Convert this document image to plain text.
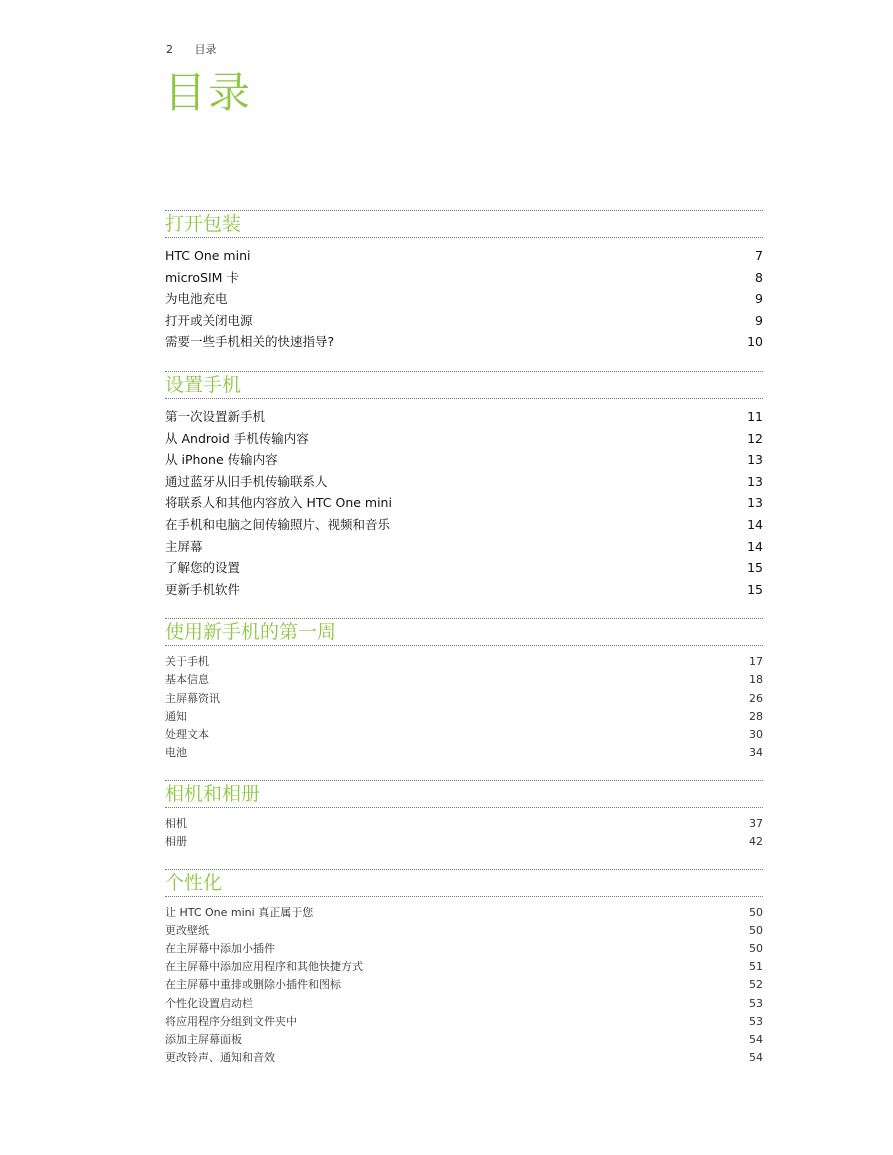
2 目录
目录
打开包装
HTC One mini	7
microSIM 卡	8
为电池充电	9
打开或关闭电源	9
需要一些手机相关的快速指导?	10
设置手机
第一次设置新手机	11
从 Android 手机传输内容	12
从 iPhone 传输内容	13
通过蓝牙从旧手机传输联系人	13
将联系人和其他内容放入 HTC One mini	13
在手机和电脑之间传输照片、视频和音乐	14
主屏幕	14
了解您的设置	15
更新手机软件	15
使用新手机的第一周
关于手机	17
基本信息	18
主屏幕资讯	26
通知	28
处理文本	30
电池	34
相机和相册
相机	37
相册	42
个性化
让 HTC One mini 真正属于您	50
更改壁纸	50
在主屏幕中添加小插件	50
在主屏幕中添加应用程序和其他快捷方式	51
在主屏幕中重排或删除小插件和图标	52
个性化设置启动栏	53
将应用程序分组到文件夹中	53
添加主屏幕面板	54
更改铃声、通知和音效	54
